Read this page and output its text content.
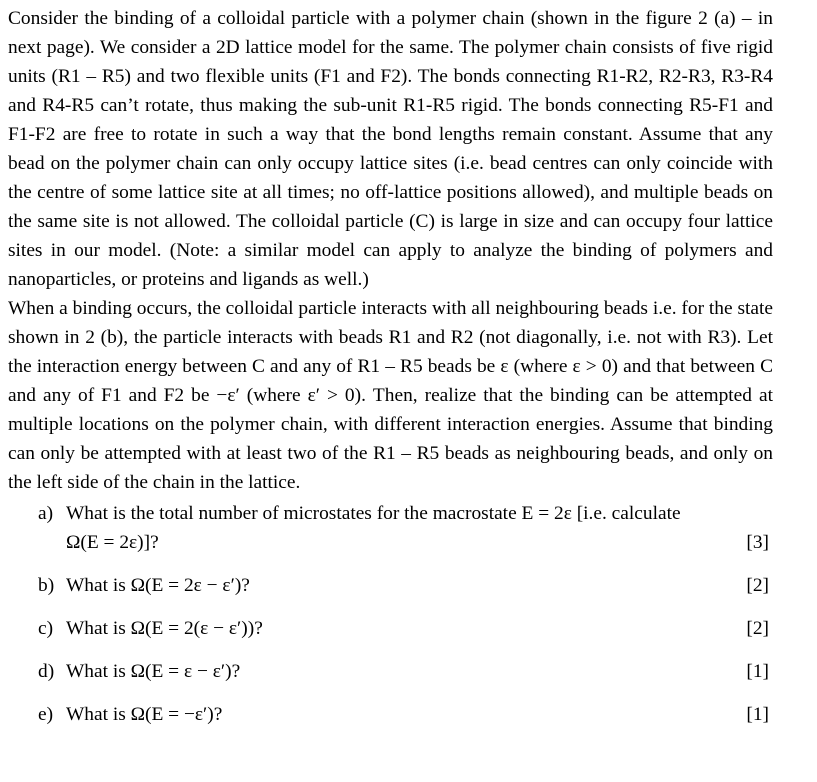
Consider the binding of a colloidal particle with a polymer chain (shown in the figure 2 (a) – in next page). We consider a 2D lattice model for the same. The polymer chain consists of five rigid units (R1 – R5) and two flexible units (F1 and F2). The bonds connecting R1-R2, R2-R3, R3-R4 and R4-R5 can’t rotate, thus making the sub-unit R1-R5 rigid. The bonds connecting R5-F1 and F1-F2 are free to rotate in such a way that the bond lengths remain constant. Assume that any bead on the polymer chain can only occupy lattice sites (i.e. bead centres can only coincide with the centre of some lattice site at all times; no off-lattice positions allowed), and multiple beads on the same site is not allowed. The colloidal particle (C) is large in size and can occupy four lattice sites in our model. (Note: a similar model can apply to analyze the binding of polymers and nanoparticles, or proteins and ligands as well.)

When a binding occurs, the colloidal particle interacts with all neighbouring beads i.e. for the state shown in 2 (b), the particle interacts with beads R1 and R2 (not diagonally, i.e. not with R3). Let the interaction energy between C and any of R1 – R5 beads be ε (where ε > 0) and that between C and any of F1 and F2 be −ε′ (where ε′ > 0). Then, realize that the binding can be attempted at multiple locations on the polymer chain, with different interaction energies. Assume that binding can only be attempted with at least two of the R1 – R5 beads as neighbouring beads, and only on the left side of the chain in the lattice.

a) What is the total number of microstates for the macrostate E = 2ε [i.e. calculate
Ω(E = 2ε)]?	[3]
b) What is Ω(E = 2ε − ε′)?	[2]
c) What is Ω(E = 2(ε − ε′))?	[2]
d) What is Ω(E = ε − ε′)?	[1]
e) What is Ω(E = −ε′)?	[1]
